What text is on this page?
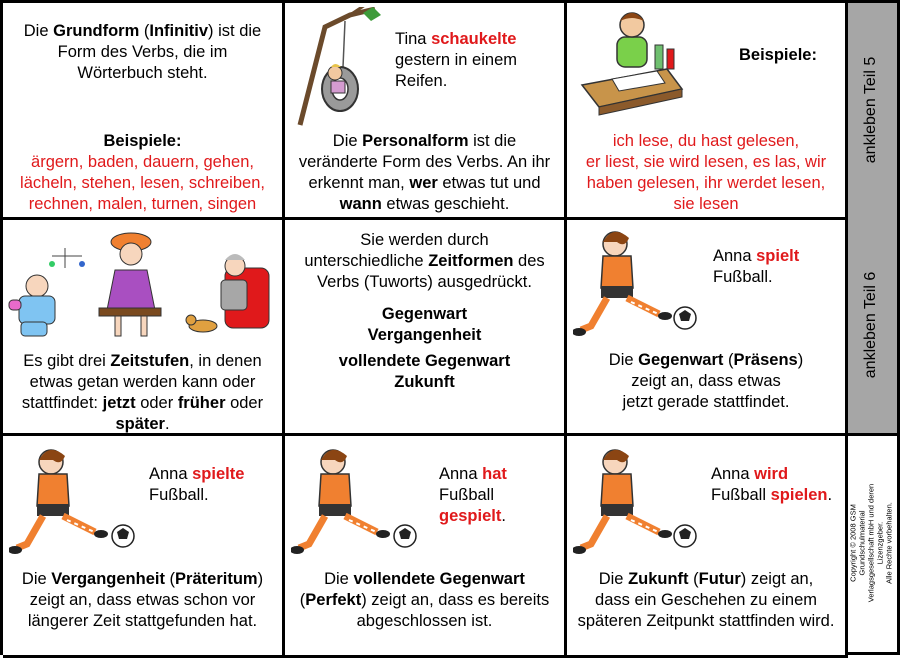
ankleben Teil 5
ankleben Teil 6
Copyright © 2008 GSM Grundschulmaterial Verlagsgesellschaft mbH und deren Lizenzgeber. Alle Rechte vorbehalten.
Die Grundform (Infinitiv) ist die
Form des Verbs, die im
Wörterbuch steht.
Beispiele:
ärgern, baden, dauern, gehen,
lächeln, stehen, lesen, schreiben,
rechnen, malen, turnen, singen
Tina schaukelte
gestern in einem
Reifen.
Die Personalform ist die
veränderte Form des Verbs. An ihr
erkennt man, wer etwas tut und
wann etwas geschieht.
Beispiele:
ich lese, du hast gelesen,
er liest, sie wird lesen, es las, wir
haben gelesen, ihr werdet lesen,
sie lesen
Es gibt drei Zeitstufen, in denen
etwas getan werden kann oder
stattfindet: jetzt oder früher oder
später.
Sie werden durch
unterschiedliche Zeitformen des
Verbs (Tuworts) ausgedrückt.
Gegenwart
Vergangenheit
vollendete Gegenwart
Zukunft
Anna spielt
Fußball.
Die Gegenwart (Präsens)
zeigt an, dass etwas
jetzt gerade stattfindet.
Anna spielte
Fußball.
Die Vergangenheit (Präteritum)
zeigt an, dass etwas schon vor
längerer Zeit stattgefunden hat.
Anna hat
Fußball
gespielt.
Die vollendete Gegenwart
(Perfekt) zeigt an, dass es bereits
abgeschlossen ist.
Anna wird
Fußball spielen.
Die Zukunft (Futur) zeigt an,
dass ein Geschehen zu einem
späteren Zeitpunkt stattfinden wird.
